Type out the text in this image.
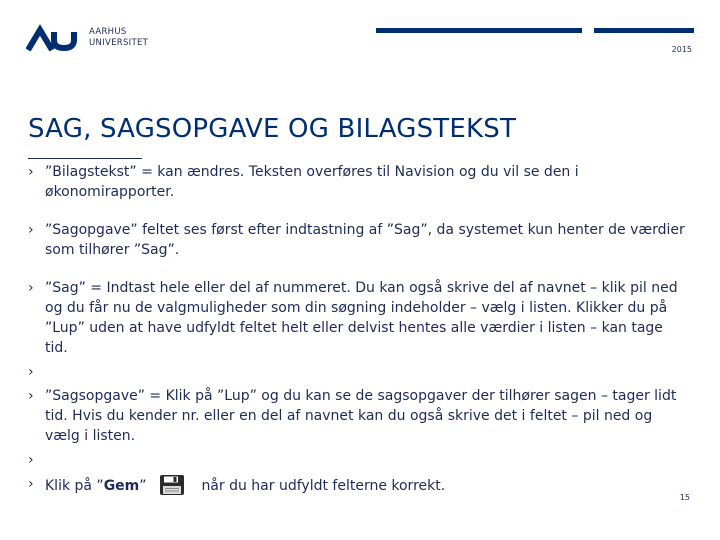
AARHUS
UNIVERSITET
2015
SAG, SAGSOPGAVE OG BILAGSTEKST
› ”Bilagstekst” = kan ændres. Teksten overføres til Navision og du vil se den i økonomirapporter.
› ”Sagopgave” feltet ses først efter indtastning af ”Sag”, da systemet kun henter de værdier som tilhører ”Sag”.
› ”Sag” = Indtast hele eller del af nummeret. Du kan også skrive del af navnet – klik pil ned og du får nu de valgmuligheder som din søgning indeholder – vælg i listen. Klikker du på ”Lup” uden at have udfyldt feltet helt eller delvist hentes alle værdier i listen – kan tage tid.
›
› ”Sagsopgave” = Klik på ”Lup” og du kan se de sagsopgaver der tilhører sagen – tager lidt tid. Hvis du kender nr. eller en del af navnet kan du også skrive det i feltet – pil ned og vælg i listen.
›
› Klik på ”Gem”	når du har udfyldt felterne korrekt.
15
